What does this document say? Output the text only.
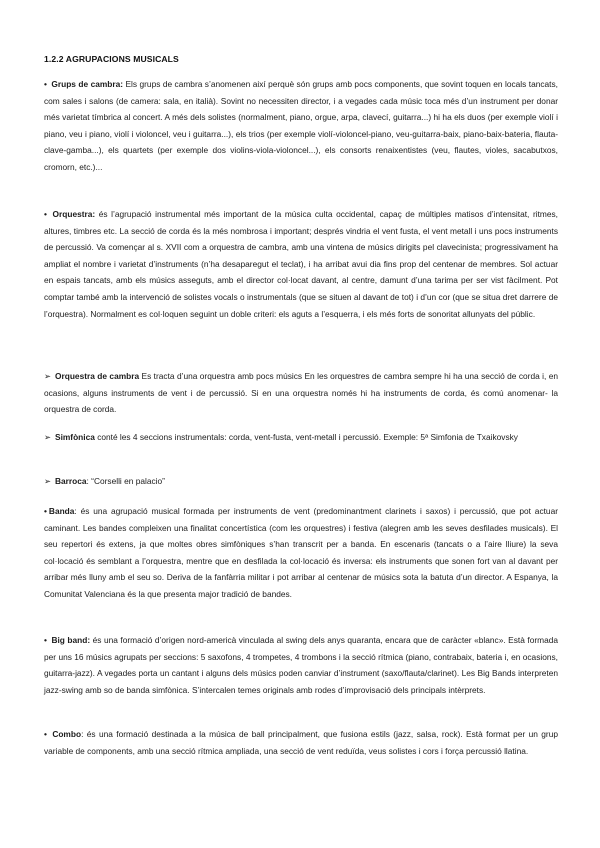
1.2.2 AGRUPACIONS MUSICALS

• Grups de cambra: Els grups de cambra s’anomenen així perquè són grups amb pocs components, que sovint toquen en locals tancats, com sales i salons (de camera: sala, en italià). Sovint no necessiten director, i a vegades cada músic toca més d’un instrument per donar més varietat tímbrica al concert. A més dels solistes (normalment, piano, orgue, arpa, clavecí, guitarra...) hi ha els duos (per exemple violí i piano, veu i piano, violí i violoncel, veu i guitarra...), els trios (per exemple violí-violoncel-piano, veu-guitarra-baix, piano-baix-bateria, flauta-clave-gamba...), els quartets (per exemple dos violins-viola-violoncel...), els consorts renaixentistes (veu, flautes, violes, sacabutxos, cromorn, etc.)...

• Orquestra: és l’agrupació instrumental més important de la música culta occidental, capaç de múltiples matisos d’intensitat, ritmes, altures, timbres etc. La secció de corda és la més nombrosa i important; després vindria el vent fusta, el vent metall i uns pocs instruments de percussió. Va començar al s. XVII com a orquestra de cambra, amb una vintena de músics dirigits pel clavecinista; progressivament ha ampliat el nombre i varietat d’instruments (n’ha desaparegut el teclat), i ha arribat avui dia fins prop del centenar de membres. Sol actuar en espais tancats, amb els músics asseguts, amb el director col·locat davant, al centre, damunt d’una tarima per ser vist fàcilment. Pot comptar també amb la intervenció de solistes vocals o instrumentals (que se situen al davant de tot) i d’un cor (que se situa dret darrere de l’orquestra). Normalment es col·loquen seguint un doble criteri: els aguts a l’esquerra, i els més forts de sonoritat allunyats del públic.

➢ Orquestra de cambra Es tracta d’una orquestra amb pocs músics En les orquestres de cambra sempre hi ha una secció de corda i, en ocasions, alguns instruments de vent i de percussió. Si en una orquestra només hi ha instruments de corda, és comú anomenar- la orquestra de corda.

➢ Simfònica conté les 4 seccions instrumentals: corda, vent-fusta, vent-metall i percussió. Exemple: 5ª Simfonia de Txaikovsky

➢ Barroca: “Corselli en palacio”

• Banda: és una agrupació musical formada per instruments de vent (predominantment clarinets i saxos) i percussió, que pot actuar caminant. Les bandes compleixen una finalitat concertística (com les orquestres) i festiva (alegren amb les seves desfilades musicals). El seu repertori és extens, ja que moltes obres simfòniques s’han transcrit per a banda. En escenaris (tancats o a l’aire lliure) la seva col·locació és semblant a l’orquestra, mentre que en desfilada la col·locació és inversa: els instruments que sonen fort van al davant per arribar més lluny amb el seu so. Deriva de la fanfàrria militar i pot arribar al centenar de músics sota la batuta d’un director. A Espanya, la Comunitat Valenciana és la que presenta major tradició de bandes.

• Big band: és una formació d’origen nord-americà vinculada al swing dels anys quaranta, encara que de caràcter «blanc». Està formada per uns 16 músics agrupats per seccions: 5 saxofons, 4 trompetes, 4 trombons i la secció rítmica (piano, contrabaix, bateria i, en ocasions, guitarra-jazz). A vegades porta un cantant i alguns dels músics poden canviar d’instrument (saxo/flauta/clarinet). Les Big Bands interpreten jazz-swing amb so de banda simfònica. S’intercalen temes originals amb rodes d’improvisació dels principals intèrprets.

• Combo: és una formació destinada a la música de ball principalment, que fusiona estils (jazz, salsa, rock). Està format per un grup variable de components, amb una secció rítmica ampliada, una secció de vent reduïda, veus solistes i cors i força percussió llatina.
